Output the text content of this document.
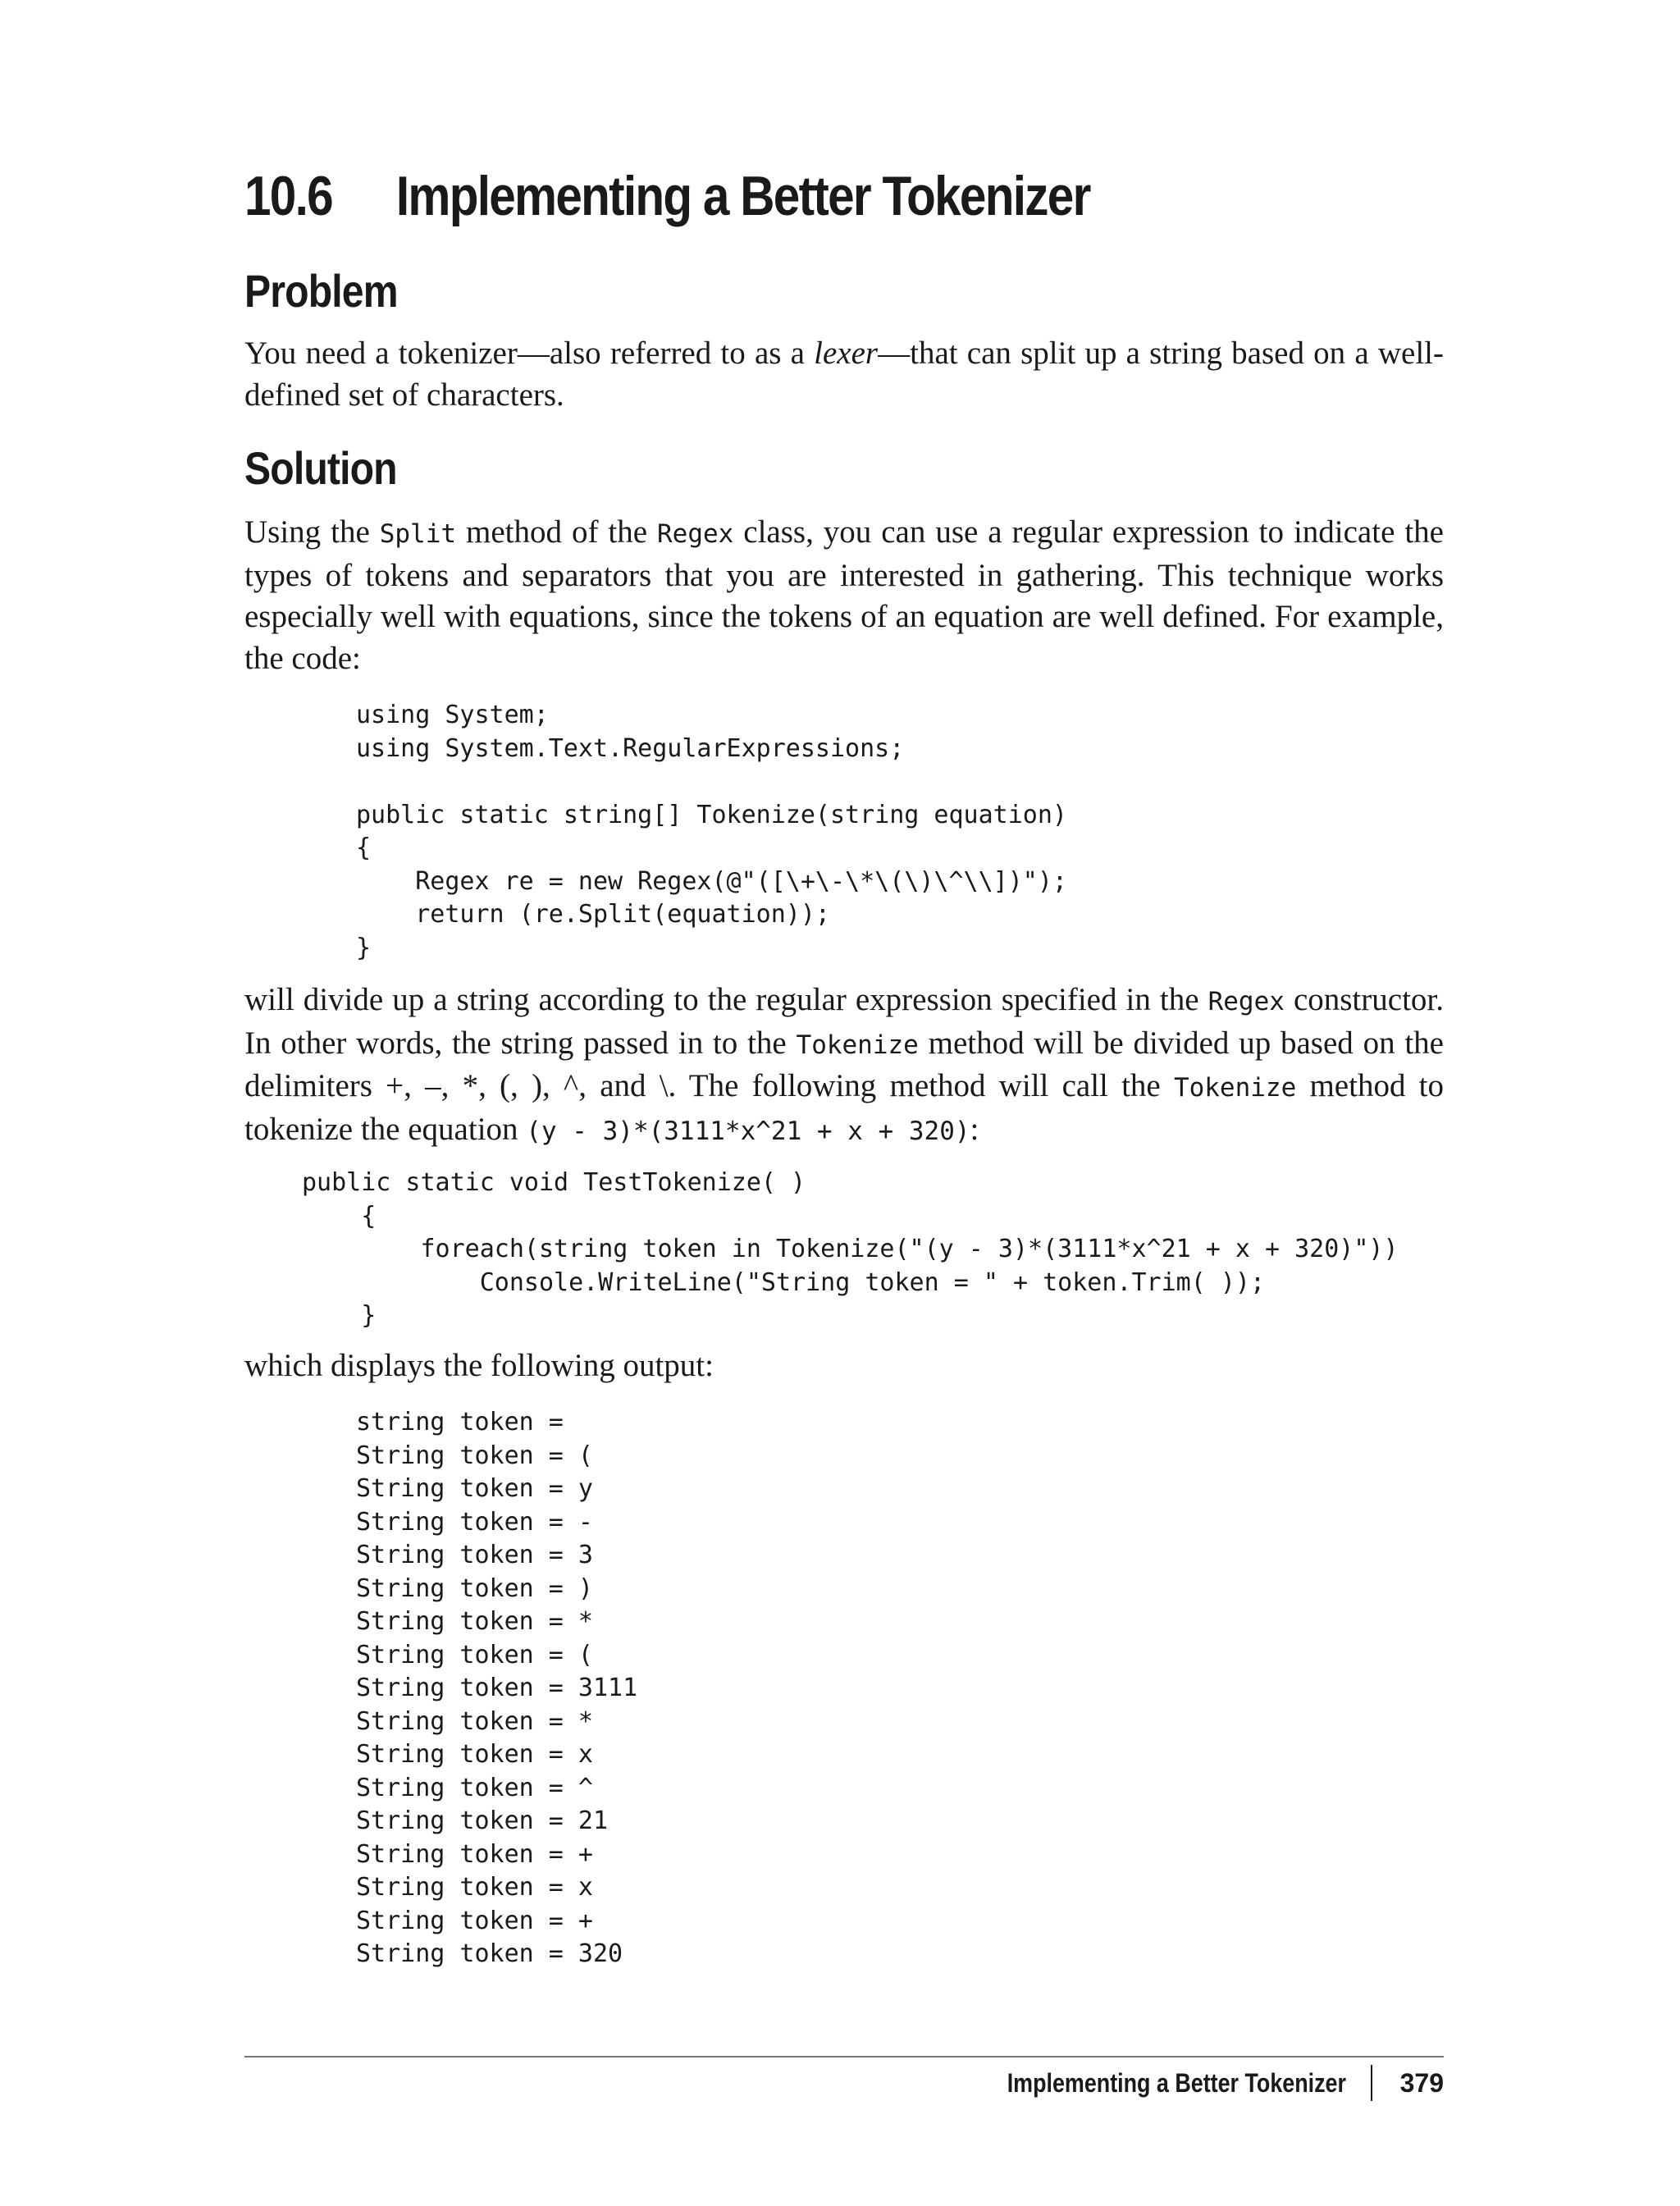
10.6 Implementing a Better Tokenizer
Problem

You need a tokenizer—also referred to as a lexer—that can split up a string based on a well-defined set of characters.

Solution

Using the Split method of the Regex class, you can use a regular expression to indicate the types of tokens and separators that you are interested in gathering. This technique works especially well with equations, since the tokens of an equation are well defined. For example, the code:

using System;
using System.Text.RegularExpressions;

public static string[] Tokenize(string equation)
{
Regex re = new Regex(@"([\+\-\*\(\)\^\\])");
return (re.Split(equation));
}

will divide up a string according to the regular expression specified in the Regex constructor. In other words, the string passed in to the Tokenize method will be divided up based on the delimiters +, –, *, (, ), ^, and \. The following method will call the Tokenize method to tokenize the equation (y - 3)*(3111*x^21 + x + 320):

public static void TestTokenize( )
{
foreach(string token in Tokenize("(y - 3)*(3111*x^21 + x + 320)"))
Console.WriteLine("String token = " + token.Trim( ));
}

which displays the following output:

string token =
String token = (
String token = y
String token = -
String token = 3
String token = )
String token = *
String token = (
String token = 3111
String token = *
String token = x
String token = ^
String token = 21
String token = +
String token = x
String token = +
String token = 320
Implementing a Better Tokenizer 379
